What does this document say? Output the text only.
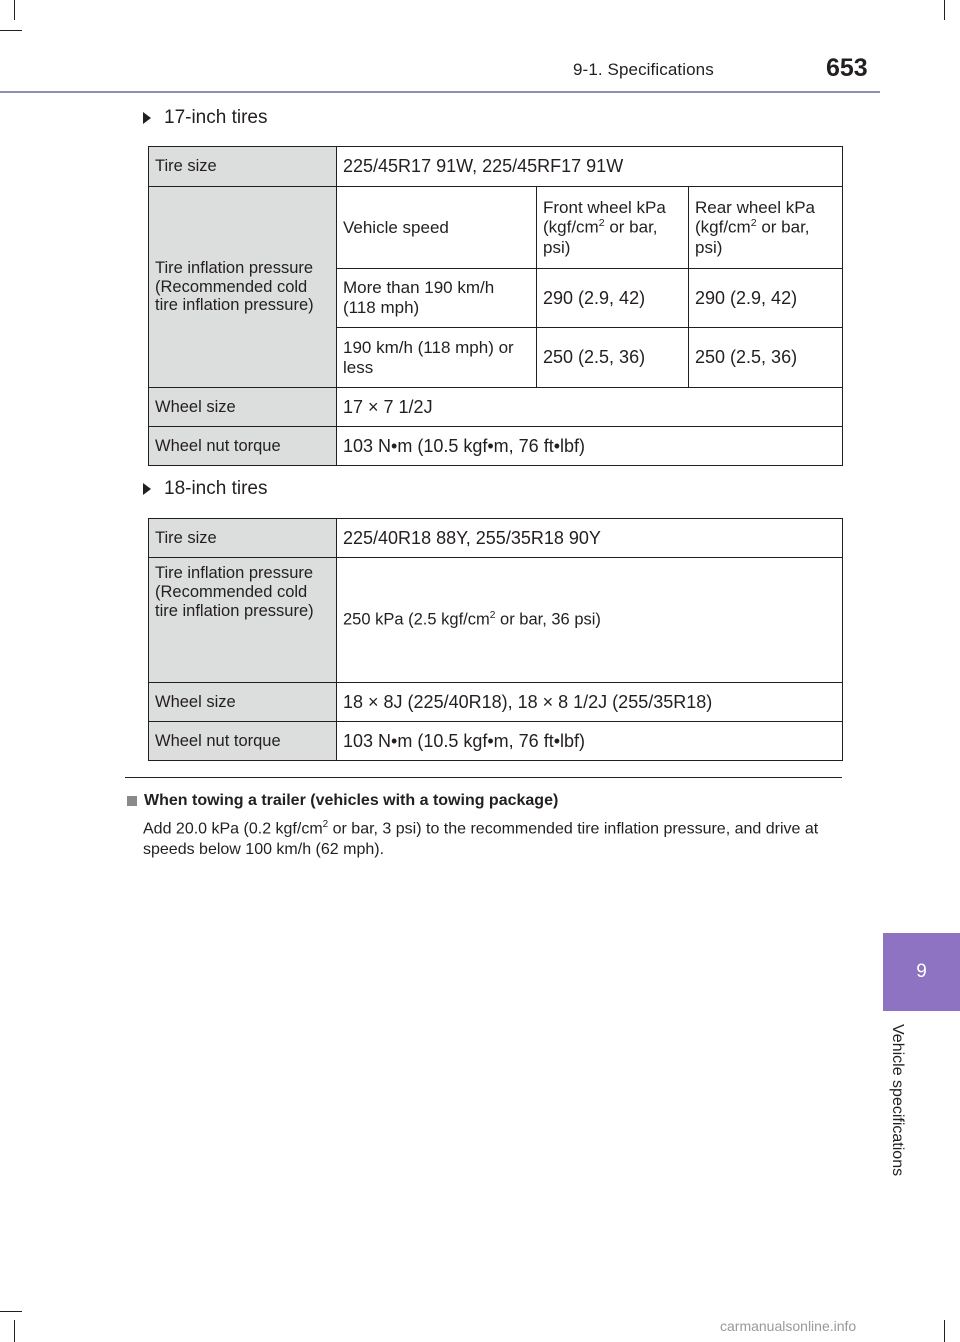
9-1. Specifications	653
9
Vehicle specifications
17-inch tires
Tire size	225/45R17 91W, 225/45RF17 91W		
Tire inflation pressure (Recommended cold tire inflation pressure)	Vehicle speed	Front wheel kPa ($kgf/cm^2$ or bar, psi)	Rear wheel kPa ($kgf/cm^2$ or bar, psi)
	More than 190 km/h (118 mph)	290 (2.9, 42)	290 (2.9, 42)
	190 km/h (118 mph) or less	250 (2.5, 36)	250 (2.5, 36)
Wheel size	17 × 7 1/2J		
Wheel nut torque	103 N•m (10.5 kgf•m, 76 ft•lbf)		
18-inch tires
Tire size	225/40R18 88Y, 255/35R18 90Y
Tire inflation pressure (Recommended cold tire inflation pressure)	250 kPa (2.5 kgf/$cm^2$ or bar, 36 psi)
Wheel size	18 × 8J (225/40R18), 18 × 8 1/2J (255/35R18)
Wheel nut torque	103 N•m (10.5 kgf•m, 76 ft•lbf)
When towing a trailer (vehicles with a towing package)
Add 20.0 kPa (0.2 kgf/$cm^2$ or bar, 3 psi) to the recommended tire inflation pressure, and drive at speeds below 100 km/h (62 mph).
carmanualsonline.info
